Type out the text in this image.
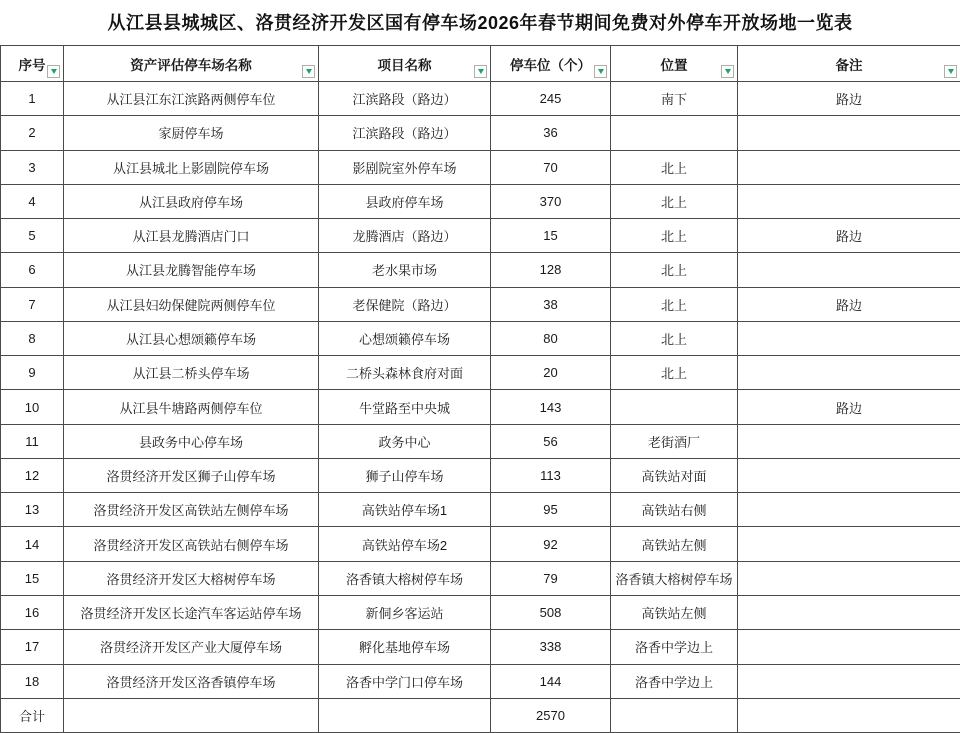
从江县县城城区、洛贯经济开发区国有停车场2026年春节期间免费对外停车开放场地一览表
序号	资产评估停车场名称	项目名称	停车位（个）	位置	备注

1	从江县江东江滨路两侧停车位	江滨路段（路边）	245	南下	路边
2	家厨停车场	江滨路段（路边）	36		
3	从江县城北上影剧院停车场	影剧院室外停车场	70	北上	
4	从江县政府停车场	县政府停车场	370	北上	
5	从江县龙腾酒店门口	龙腾酒店（路边）	15	北上	路边
6	从江县龙腾智能停车场	老水果市场	128	北上	
7	从江县妇幼保健院两侧停车位	老保健院（路边）	38	北上	路边
8	从江县心想颂籁停车场	心想颂籁停车场	80	北上	
9	从江县二桥头停车场	二桥头森林食府对面	20	北上	
10	从江县牛塘路两侧停车位	牛堂路至中央城	143		路边
11	县政务中心停车场	政务中心	56	老街酒厂	
12	洛贯经济开发区狮子山停车场	狮子山停车场	113	高铁站对面	
13	洛贯经济开发区高铁站左侧停车场	高铁站停车场1	95	高铁站右侧	
14	洛贯经济开发区高铁站右侧停车场	高铁站停车场2	92	高铁站左侧	
15	洛贯经济开发区大榕树停车场	洛香镇大榕树停车场	79	洛香镇大榕树停车场	
16	洛贯经济开发区长途汽车客运站停车场	新侗乡客运站	508	高铁站左侧	
17	洛贯经济开发区产业大厦停车场	孵化基地停车场	338	洛香中学边上	
18	洛贯经济开发区洛香镇停车场	洛香中学门口停车场	144	洛香中学边上	
合计			2570		
